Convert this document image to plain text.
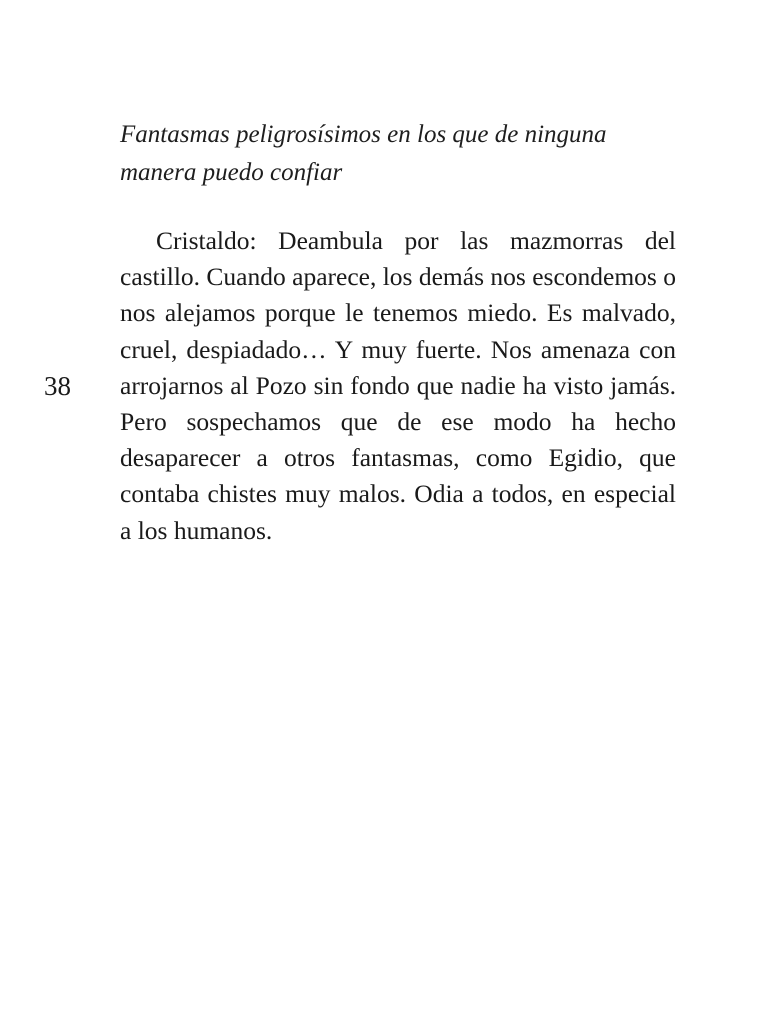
Fantasmas peligrosísimos en los que de ninguna manera puedo confiar

Cristaldo: Deambula por las mazmorras del castillo. Cuando aparece, los demás nos escondemos o nos alejamos porque le tenemos miedo. Es malvado, cruel, despiadado… Y muy fuerte. Nos amenaza con arrojarnos al Pozo sin fondo que nadie ha visto jamás. Pero sospechamos que de ese modo ha hecho desaparecer a otros fantasmas, como Egidio, que contaba chistes muy malos. Odia a todos, en especial a los humanos.

38
